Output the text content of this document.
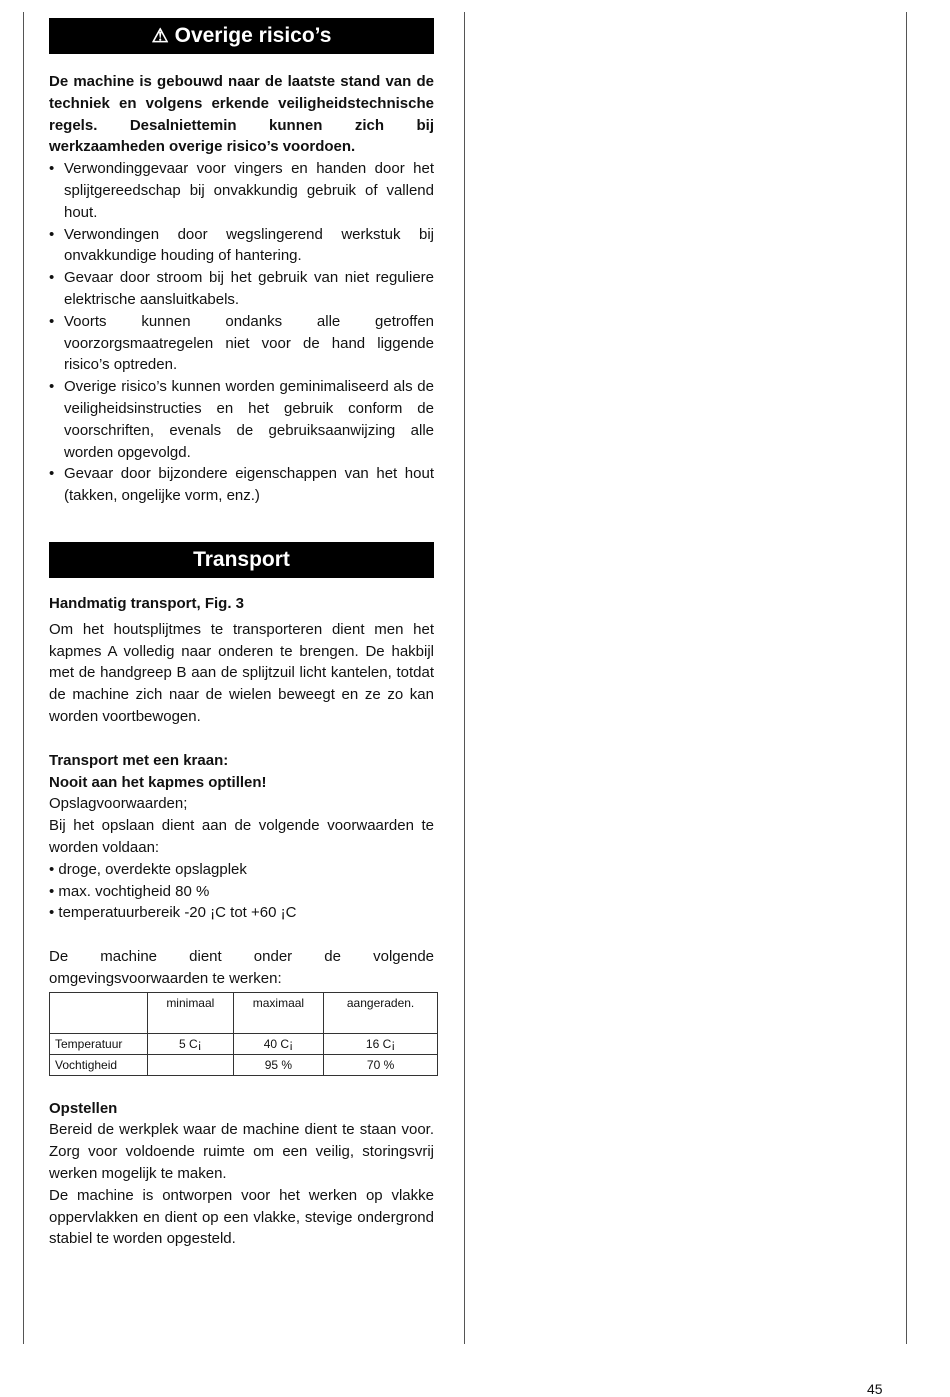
⚠ Overige risico’s
De machine is gebouwd naar de laatste stand van de techniek en volgens erkende veiligheidstechnische regels. Desalniettemin kunnen zich bij werkzaamheden overige risico’s voordoen.
• Verwondinggevaar voor vingers en handen door het splijtgereedschap bij onvakkundig gebruik of vallend hout.
• Verwondingen door wegslingerend werkstuk bij onvakkundige houding of hantering.
• Gevaar door stroom bij het gebruik van niet reguliere elektrische aansluitkabels.
• Voorts kunnen ondanks alle getroffen voorzorgsmaatregelen niet voor de hand liggende risico’s optreden.
• Overige risico’s kunnen worden geminimaliseerd als de veiligheidsinstructies en het gebruik conform de voorschriften, evenals de gebruiksaanwijzing alle worden opgevolgd.
• Gevaar door bijzondere eigenschappen van het hout (takken, ongelijke vorm, enz.)
Transport
Handmatig transport, Fig. 3
Om het houtsplijtmes te transporteren dient men het kapmes A volledig naar onderen te brengen. De hakbijl met de handgreep B aan de splijtzuil licht kantelen, totdat de machine zich naar de wielen beweegt en ze zo kan worden voortbewogen.
Transport met een kraan:
Nooit aan het kapmes optillen!
Opslagvoorwaarden;
Bij het opslaan dient aan de volgende voorwaarden te worden voldaan:
• droge, overdekte opslagplek
• max. vochtigheid 80 %
• temperatuurbereik -20 ¡C tot +60 ¡C
De machine dient onder de volgende omgevingsvoorwaarden te werken:
	minimaal	maximaal	aangeraden.
Temperatuur	5 C¡	40 C¡	16 C¡
Vochtigheid		95 %	70 %
Opstellen
Bereid de werkplek waar de machine dient te staan voor. Zorg voor voldoende ruimte om een veilig, storingsvrij werken mogelijk te maken.
De machine is ontworpen voor het werken op vlakke oppervlakken en dient op een vlakke, stevige ondergrond stabiel te worden opgesteld.
45
